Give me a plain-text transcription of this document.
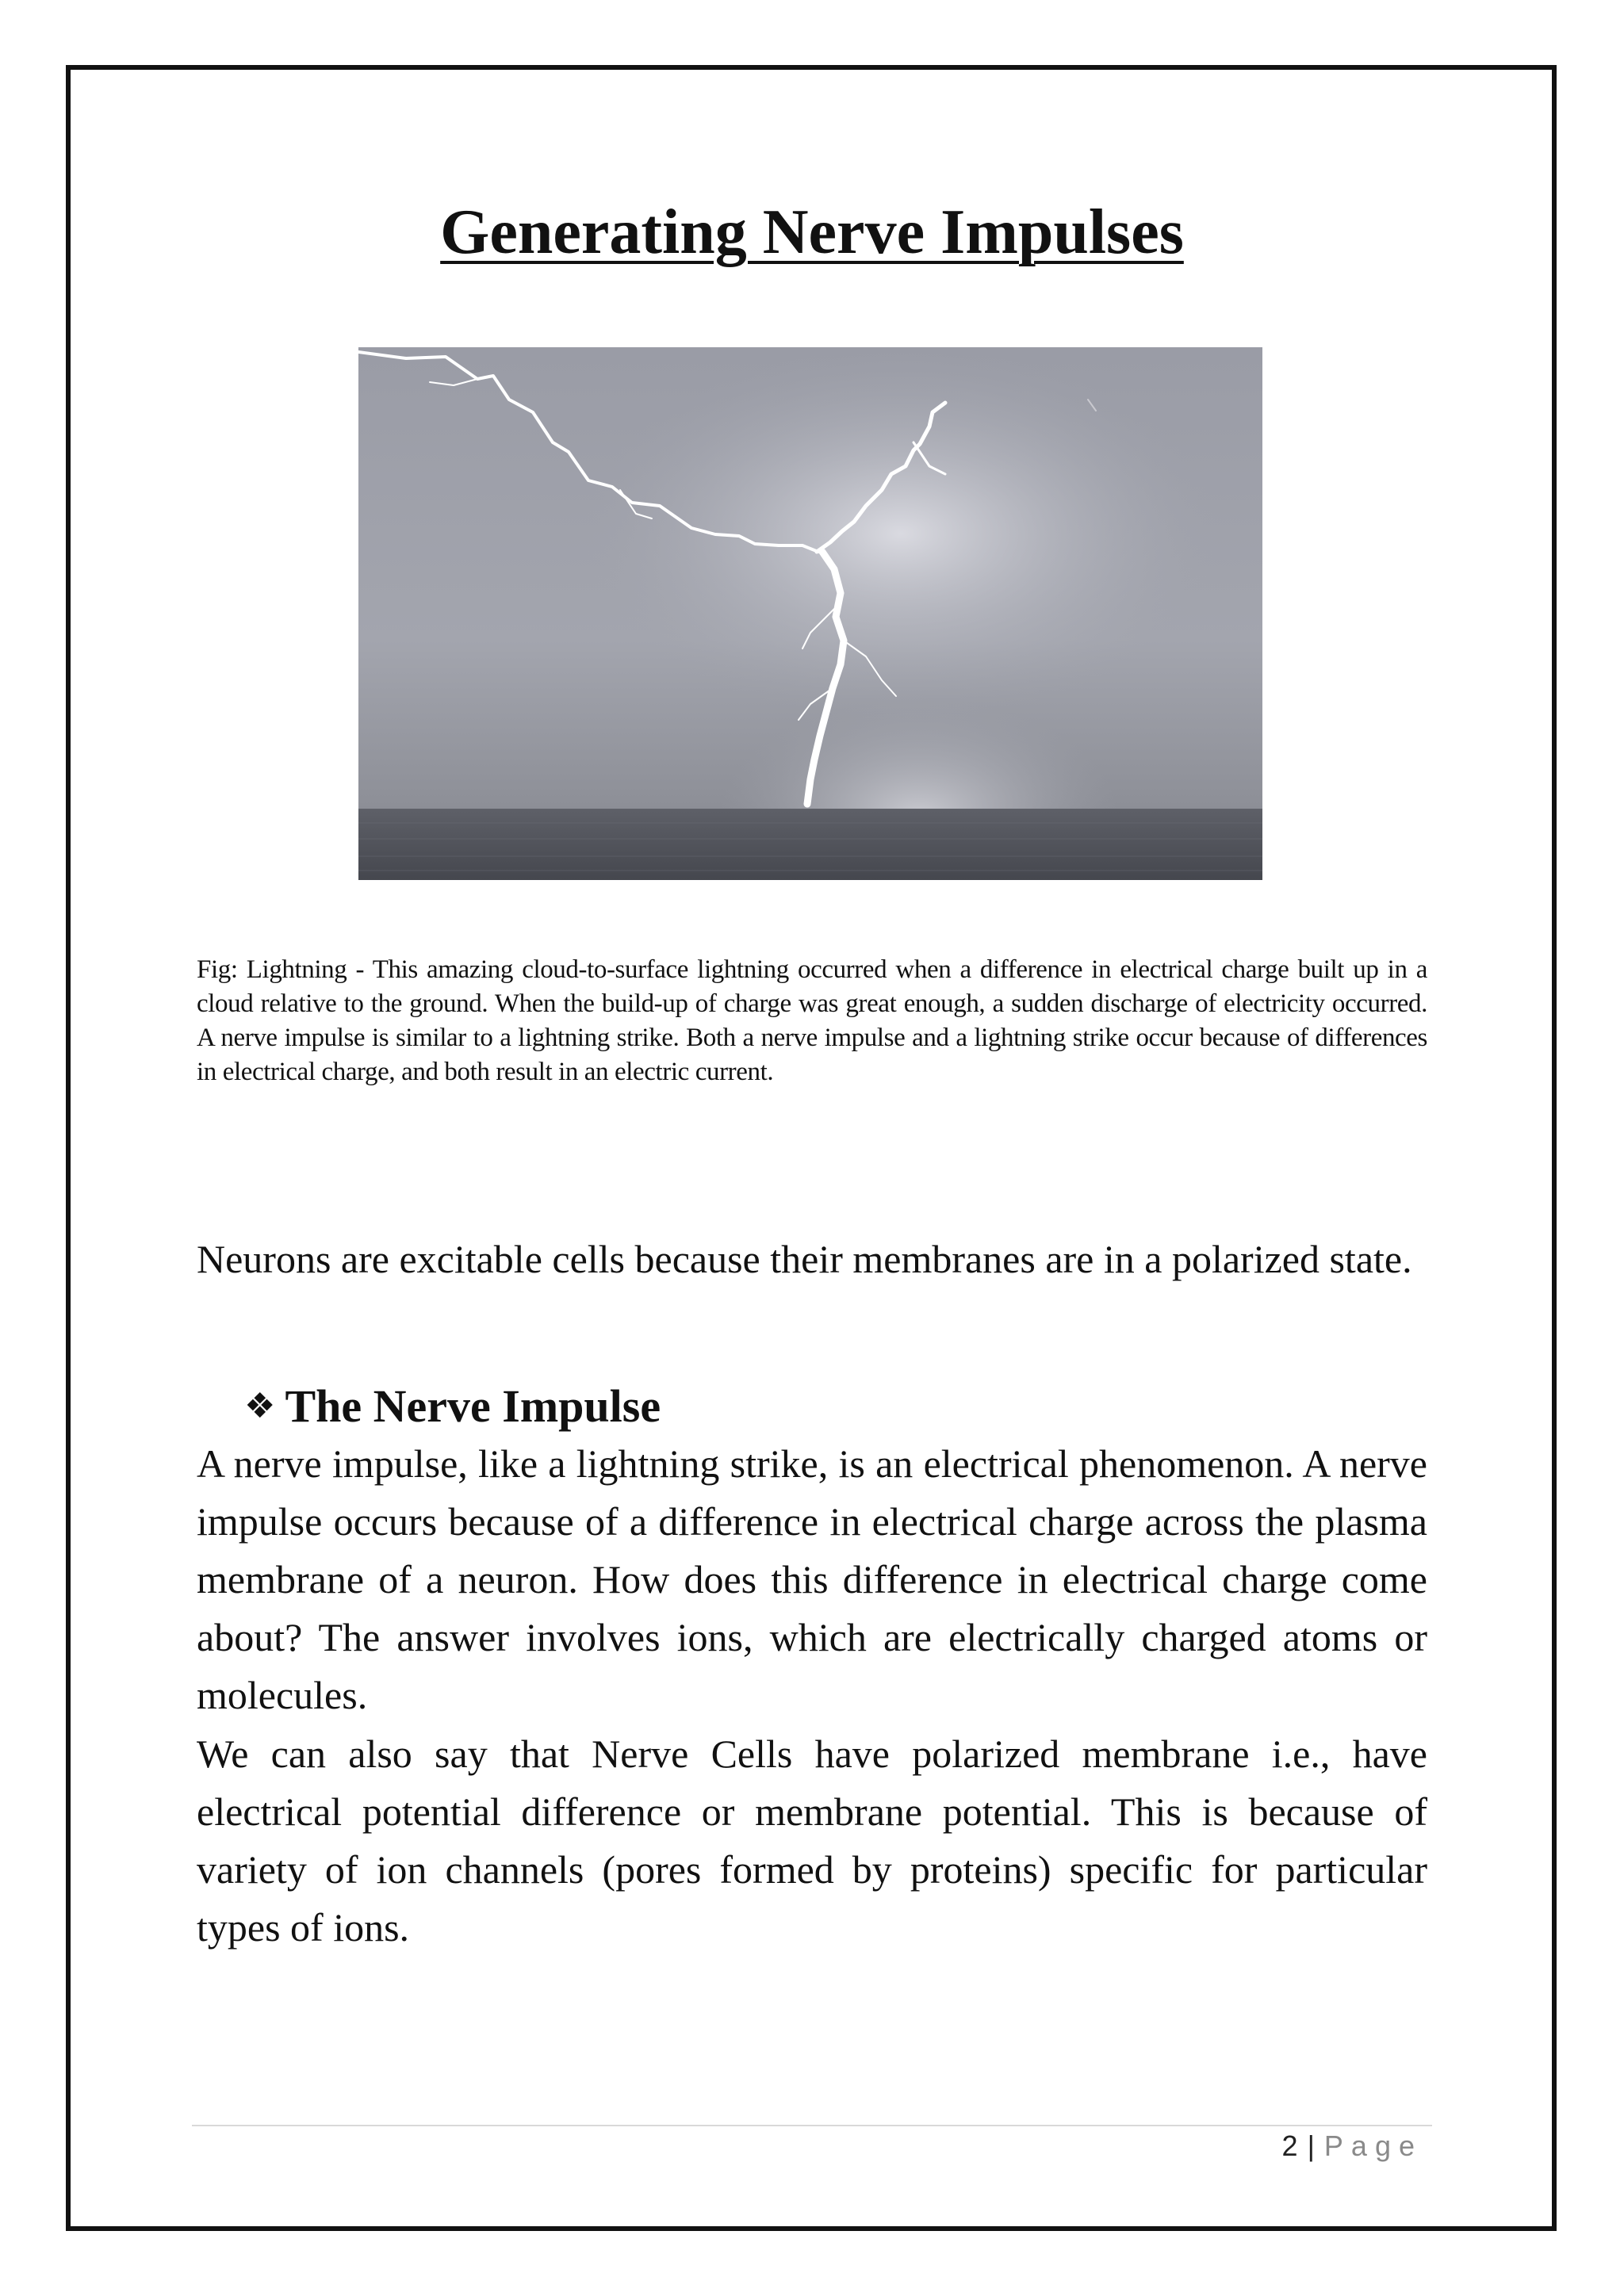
Generating Nerve Impulses

Fig: Lightning - This amazing cloud-to-surface lightning occurred when a difference in electrical charge built up in a cloud relative to the ground. When the build-up of charge was great enough, a sudden discharge of electricity occurred. A nerve impulse is similar to a lightning strike. Both a nerve impulse and a lightning strike occur because of differences in electrical charge, and both result in an electric current.

Neurons are excitable cells because their membranes are in a polarized state.

❖ The Nerve Impulse

A nerve impulse, like a lightning strike, is an electrical phenomenon. A nerve impulse occurs because of a difference in electrical charge across the plasma membrane of a neuron. How does this difference in electrical charge come about? The answer involves ions, which are electrically charged atoms or molecules.

We can also say that Nerve Cells have polarized membrane i.e., have electrical potential difference or membrane potential. This is because of variety of ion channels (pores formed by proteins) specific for particular types of ions.

2 | Page
